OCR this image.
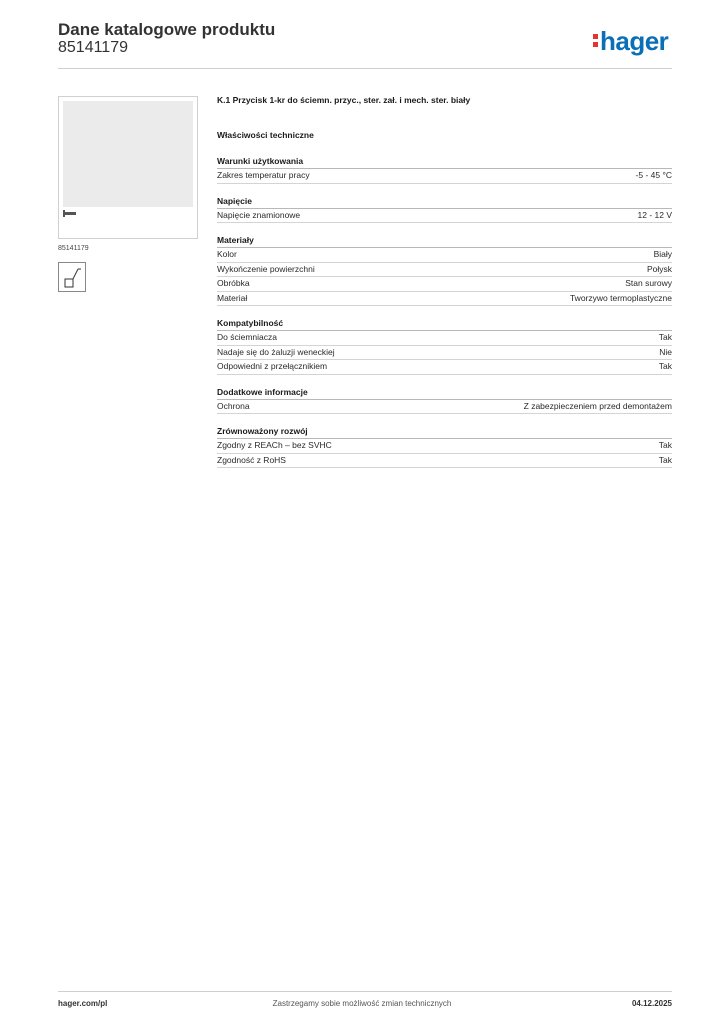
Dane katalogowe produktu
85141179	hager
85141179
K.1 Przycisk 1-kr do ściemn. przyc., ster. zał. i mech. ster. biały
Właściwości techniczne
Warunki użytkowania
Zakres temperatur pracy	-5 - 45 °C
Napięcie
Napięcie znamionowe	12 - 12 V
Materiały
Kolor	Biały
Wykończenie powierzchni	Połysk
Obróbka	Stan surowy
Materiał	Tworzywo termoplastyczne
Kompatybilność
Do ściemniacza	Tak
Nadaje się do żaluzji weneckiej	Nie
Odpowiedni z przełącznikiem	Tak
Dodatkowe informacje
Ochrona	Z zabezpieczeniem przed demontażem
Zrównoważony rozwój
Zgodny z REACh – bez SVHC	Tak
Zgodność z RoHS	Tak
hager.com/pl	Zastrzegamy sobie możliwość zmian technicznych	04.12.2025
